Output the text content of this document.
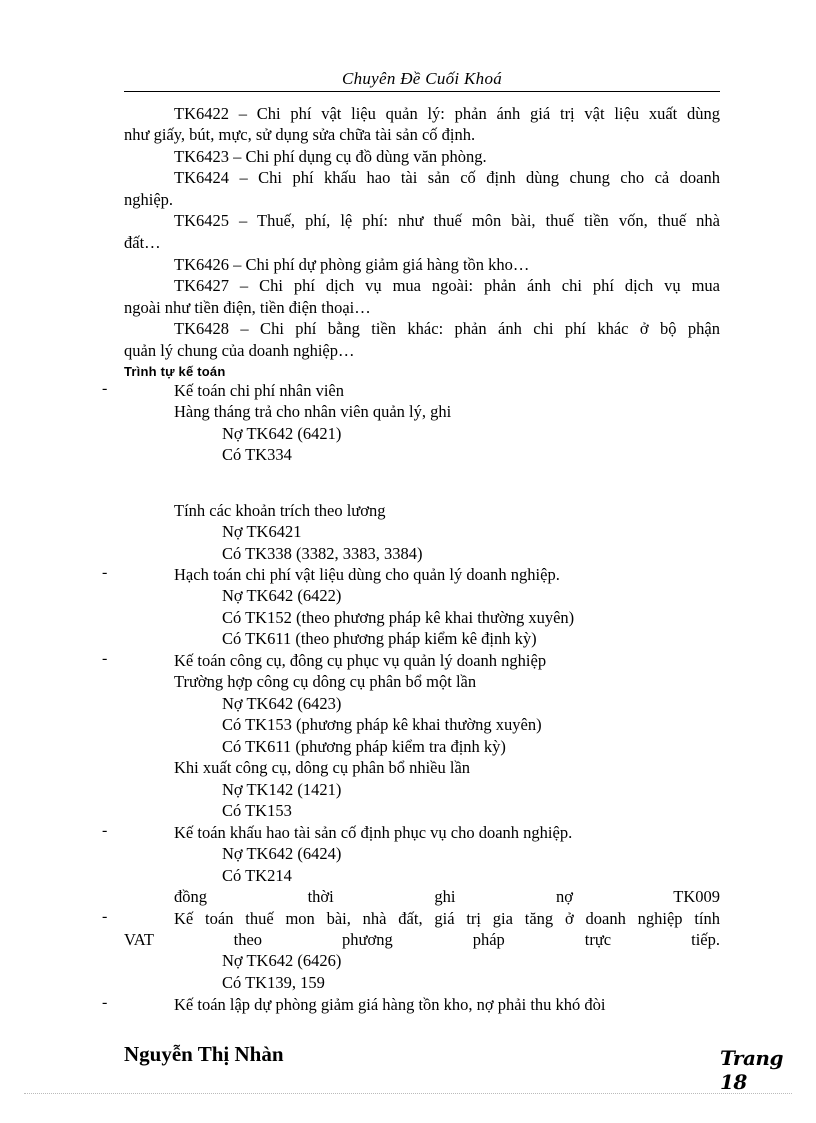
Chuyên Đề Cuối Khoá
TK6422 – Chi phí vật liệu quản lý: phản ánh giá trị vật liệu xuất dùng
như giấy, bút, mực, sử dụng sửa chữa tài sản cố định.
TK6423 – Chi phí dụng cụ đồ dùng văn phòng.
TK6424 – Chi phí khấu hao tài sản cố định dùng chung cho cả doanh
nghiệp.
TK6425 – Thuế, phí, lệ phí: như thuế môn bài, thuế tiền vốn, thuế nhà
đất…
TK6426 – Chi phí dự phòng giảm giá hàng tồn kho…
TK6427 – Chi phí dịch vụ mua ngoài: phản ánh chi phí dịch vụ mua
ngoài như tiền điện, tiền điện thoại…
TK6428 – Chi phí bằng tiền khác: phản ánh chi phí khác ở bộ phận
quản lý chung của doanh nghiệp…
Trình tự kế toán
-	Kế toán chi phí nhân viên
Hàng tháng trả cho nhân viên quản lý, ghi
Nợ TK642 (6421)
Có TK334
Tính các khoản trích theo lương
Nợ TK6421
Có TK338 (3382, 3383, 3384)
-	Hạch toán chi phí vật liệu dùng cho quản lý doanh nghiệp.
Nợ TK642 (6422)
Có TK152 (theo phương pháp kê khai thường xuyên)
Có TK611 (theo phương pháp kiểm kê định kỳ)
-	Kế toán công cụ, đông cụ phục vụ quản lý doanh nghiệp
Trường hợp công cụ dông cụ phân bổ một lần
Nợ TK642 (6423)
Có TK153 (phương pháp kê khai thường xuyên)
Có TK611 (phương pháp kiểm tra định kỳ)
Khi xuất công cụ, dông cụ phân bổ nhiều lần
Nợ TK142 (1421)
Có TK153
-	Kế toán khấu hao tài sản cố định phục vụ cho doanh nghiệp.
Nợ TK642 (6424)
Có TK214
đồng thời ghi nợ TK009
-	Kế toán thuế mon bài, nhà đất, giá trị gia tăng ở doanh nghiệp tính
VAT theo phương pháp trực tiếp.
Nợ TK642 (6426)
Có TK139, 159
-	Kế toán lập dự phòng giảm giá hàng tồn kho, nợ phải thu khó đòi
Nguyễn Thị Nhàn	Trang 18
